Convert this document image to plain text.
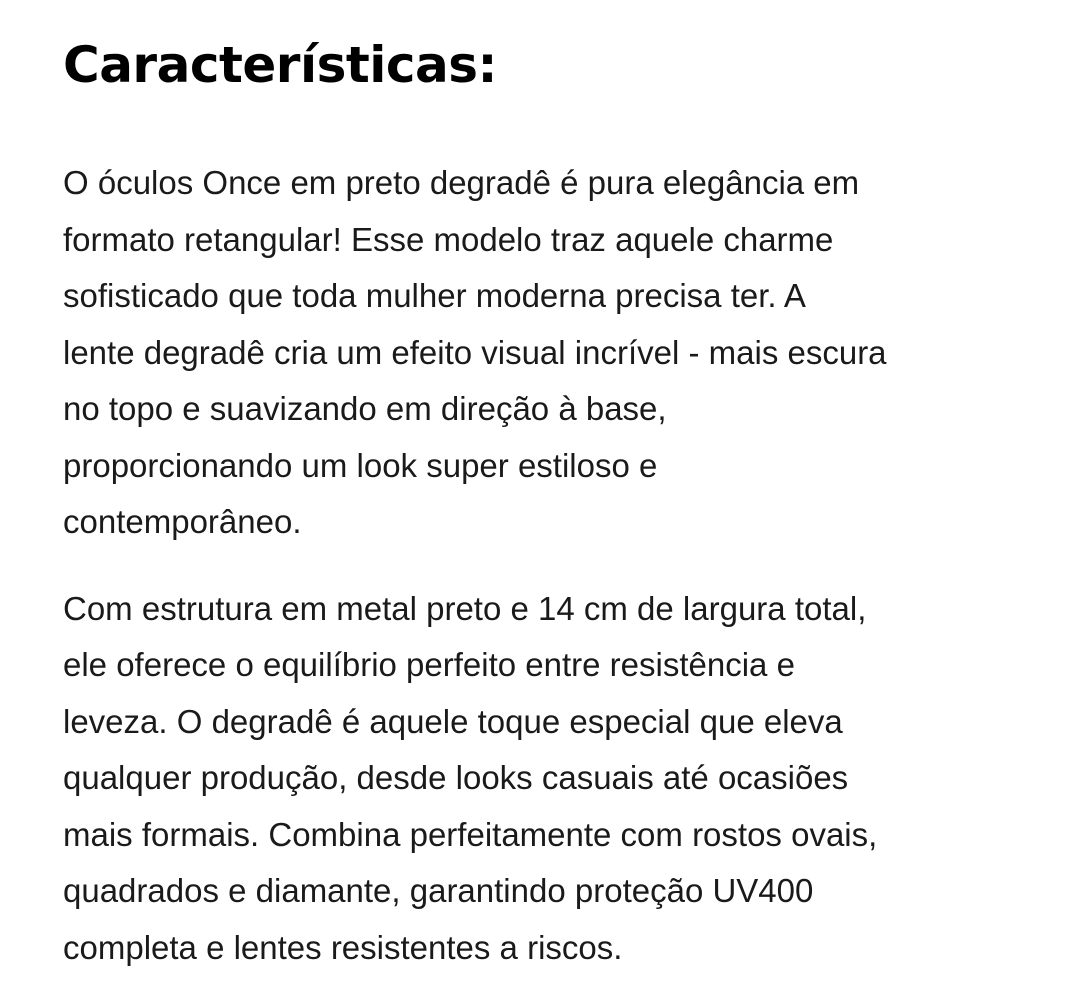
Características:

O óculos Once em preto degradê é pura elegância em
formato retangular! Esse modelo traz aquele charme
sofisticado que toda mulher moderna precisa ter. A
lente degradê cria um efeito visual incrível - mais escura
no topo e suavizando em direção à base,
proporcionando um look super estiloso e
contemporâneo.

Com estrutura em metal preto e 14 cm de largura total,
ele oferece o equilíbrio perfeito entre resistência e
leveza. O degradê é aquele toque especial que eleva
qualquer produção, desde looks casuais até ocasiões
mais formais. Combina perfeitamente com rostos ovais,
quadrados e diamante, garantindo proteção UV400
completa e lentes resistentes a riscos.
